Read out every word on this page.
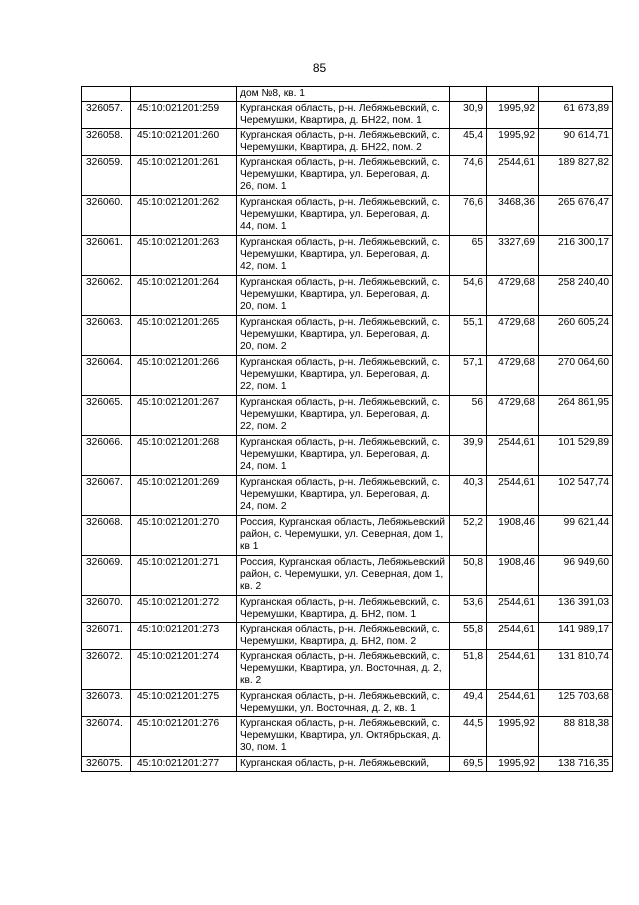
85
		дом №8, кв. 1			
326057.	45:10:021201:259	Курганская область, р-н. Лебяжьевский, с. Черемушки, Квартира, д. БН22, пом. 1	30,9	1995,92	61 673,89
326058.	45:10:021201:260	Курганская область, р-н. Лебяжьевский, с. Черемушки, Квартира, д. БН22, пом. 2	45,4	1995,92	90 614,71
326059.	45:10:021201:261	Курганская область, р-н. Лебяжьевский, с. Черемушки, Квартира, ул. Береговая, д. 26, пом. 1	74,6	2544,61	189 827,82
326060.	45:10:021201:262	Курганская область, р-н. Лебяжьевский, с. Черемушки, Квартира, ул. Береговая, д. 44, пом. 1	76,6	3468,36	265 676,47
326061.	45:10:021201:263	Курганская область, р-н. Лебяжьевский, с. Черемушки, Квартира, ул. Береговая, д. 42, пом. 1	65	3327,69	216 300,17
326062.	45:10:021201:264	Курганская область, р-н. Лебяжьевский, с. Черемушки, Квартира, ул. Береговая, д. 20, пом. 1	54,6	4729,68	258 240,40
326063.	45:10:021201:265	Курганская область, р-н. Лебяжьевский, с. Черемушки, Квартира, ул. Береговая, д. 20, пом. 2	55,1	4729,68	260 605,24
326064.	45:10:021201:266	Курганская область, р-н. Лебяжьевский, с. Черемушки, Квартира, ул. Береговая, д. 22, пом. 1	57,1	4729,68	270 064,60
326065.	45:10:021201:267	Курганская область, р-н. Лебяжьевский, с. Черемушки, Квартира, ул. Береговая, д. 22, пом. 2	56	4729,68	264 861,95
326066.	45:10:021201:268	Курганская область, р-н. Лебяжьевский, с. Черемушки, Квартира, ул. Береговая, д. 24, пом. 1	39,9	2544,61	101 529,89
326067.	45:10:021201:269	Курганская область, р-н. Лебяжьевский, с. Черемушки, Квартира, ул. Береговая, д. 24, пом. 2	40,3	2544,61	102 547,74
326068.	45:10:021201:270	Россия, Курганская область, Лебяжьевский район, с. Черемушки, ул. Северная, дом 1, кв 1	52,2	1908,46	99 621,44
326069.	45:10:021201:271	Россия, Курганская область, Лебяжьевский район, с. Черемушки, ул. Северная, дом 1, кв. 2	50,8	1908,46	96 949,60
326070.	45:10:021201:272	Курганская область, р-н. Лебяжьевский, с. Черемушки, Квартира, д. БН2, пом. 1	53,6	2544,61	136 391,03
326071.	45:10:021201:273	Курганская область, р-н. Лебяжьевский, с. Черемушки, Квартира, д. БН2, пом. 2	55,8	2544,61	141 989,17
326072.	45:10:021201:274	Курганская область, р-н. Лебяжьевский, с. Черемушки, Квартира, ул. Восточная, д. 2, кв. 2	51,8	2544,61	131 810,74
326073.	45:10:021201:275	Курганская область, р-н. Лебяжьевский, с. Черемушки, ул. Восточная, д. 2, кв. 1	49,4	2544,61	125 703,68
326074.	45:10:021201:276	Курганская область, р-н. Лебяжьевский, с. Черемушки, Квартира, ул. Октябрьская, д. 30, пом. 1	44,5	1995,92	88 818,38
326075.	45:10:021201:277	Курганская область, р-н. Лебяжьевский,	69,5	1995,92	138 716,35
